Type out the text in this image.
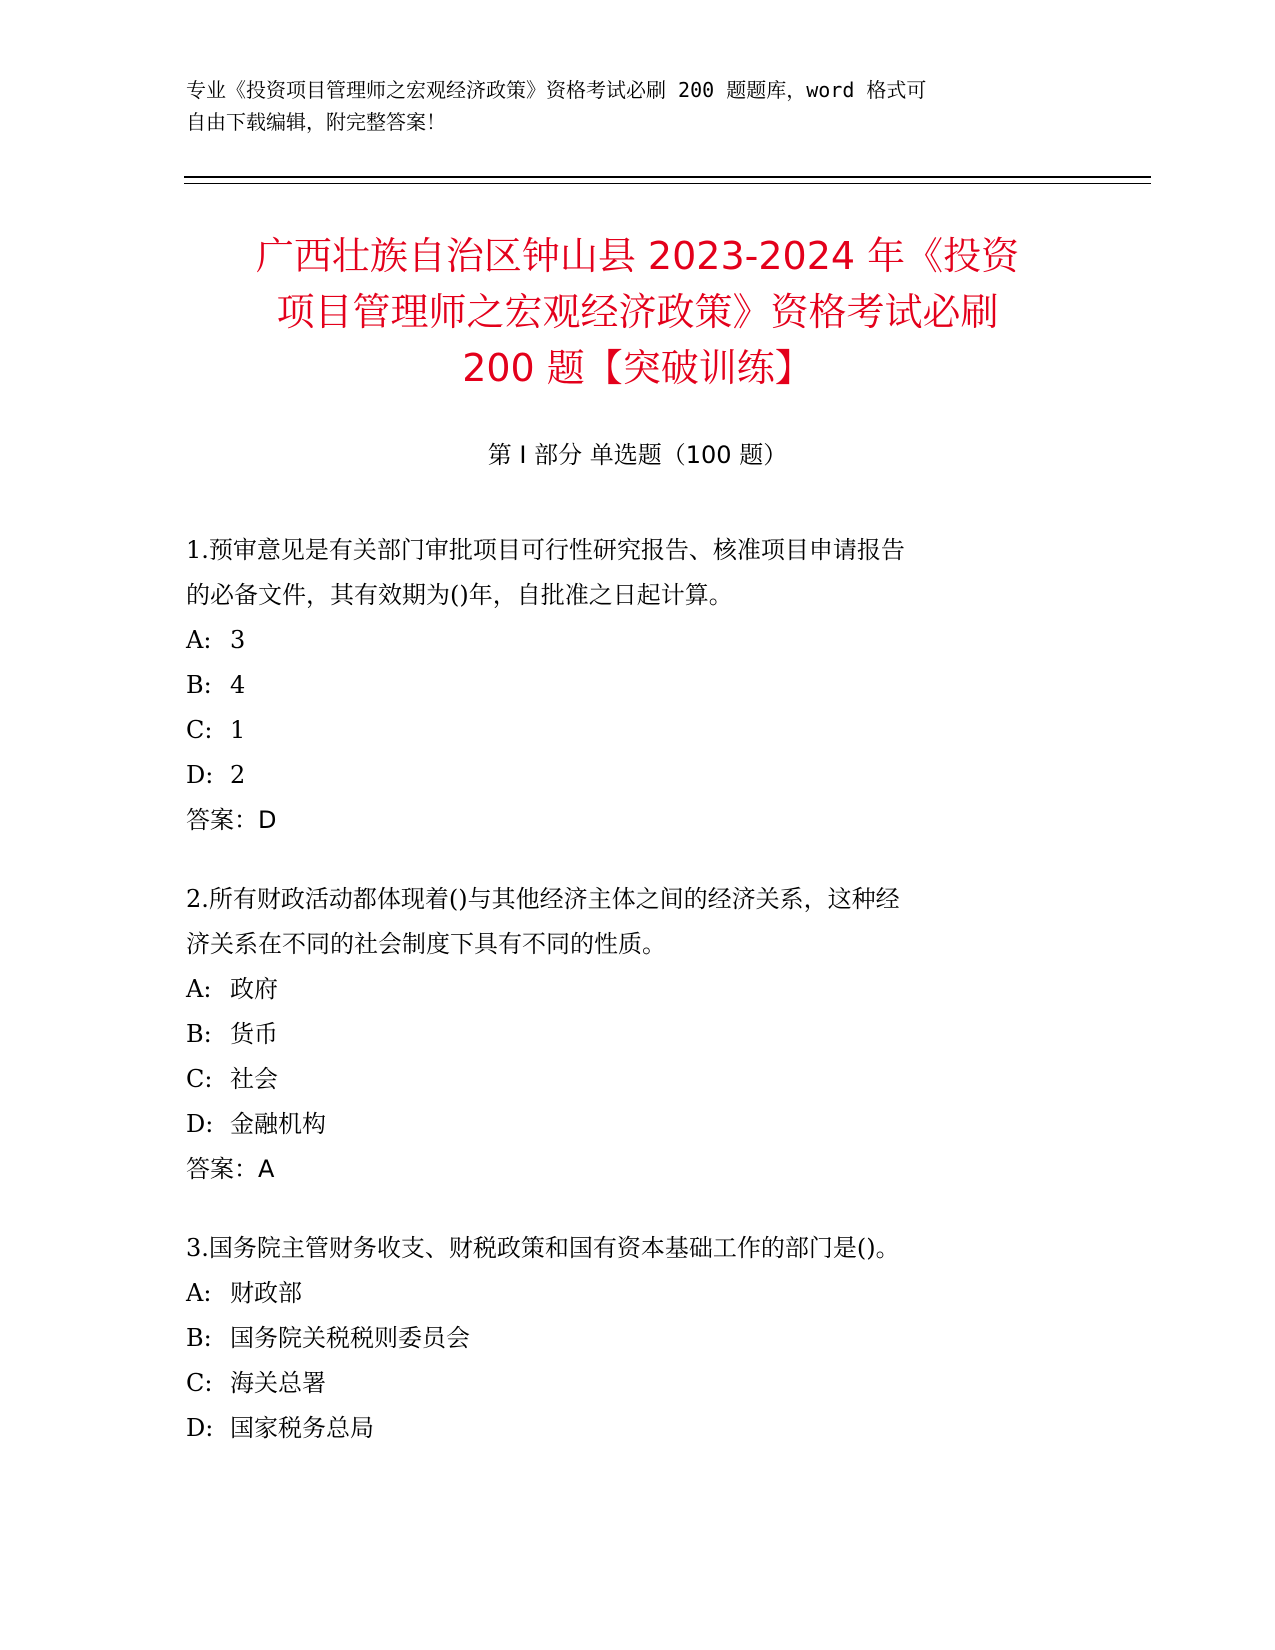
专业《投资项目管理师之宏观经济政策》资格考试必刷 200 题题库，word 格式可
自由下载编辑，附完整答案！
广西壮族自治区钟山县 2023-2024 年《投资
项目管理师之宏观经济政策》资格考试必刷
200 题【突破训练】
第 I 部分 单选题（100 题）
1.预审意见是有关部门审批项目可行性研究报告、核准项目申请报告
的必备文件，其有效期为()年，自批准之日起计算。
A: 3
B: 4
C: 1
D: 2
答案：D
2.所有财政活动都体现着()与其他经济主体之间的经济关系，这种经
济关系在不同的社会制度下具有不同的性质。
A: 政府
B: 货币
C: 社会
D: 金融机构
答案：A
3.国务院主管财务收支、财税政策和国有资本基础工作的部门是()。
A: 财政部
B: 国务院关税税则委员会
C: 海关总署
D: 国家税务总局
